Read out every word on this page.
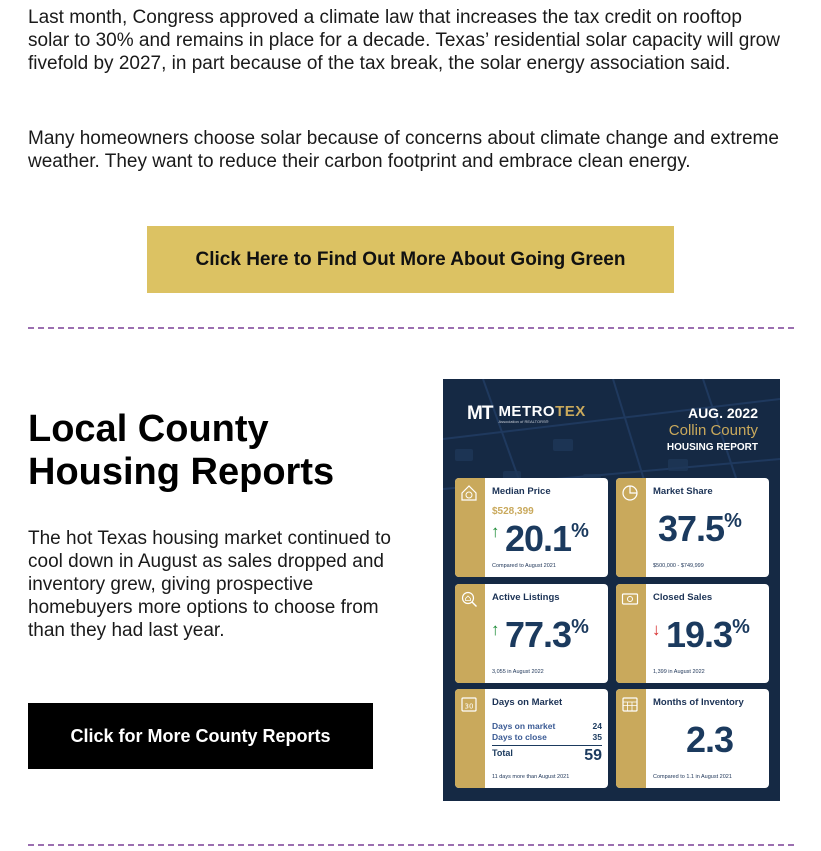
Last month, Congress approved a climate law that increases the tax credit on rooftop solar to 30% and remains in place for a decade. Texas’ residential solar capacity will grow fivefold by 2027, in part because of the tax break, the solar energy association said.

Many homeowners choose solar because of concerns about climate change and extreme weather. They want to reduce their carbon footprint and embrace clean energy.

Click Here to Find Out More About Going Green
Local County Housing Reports

The hot Texas housing market continued to cool down in August as sales dropped and inventory grew, giving prospective homebuyers more options to choose from than they had last year.

Click for More County Reports
MT METROTEX
Association of REALTORS®
AUG. 2022
Collin County
HOUSING REPORT
Median Price
$528,399
↑ 20.1%
Compared to August 2021
Market Share
37.5%
$500,000 - $749,999
Active Listings
↑ 77.3%
3,055 in August 2022
Closed Sales
↓ 19.3%
1,399 in August 2022
30 Days on Market
Days on market	24
Days to close	35
Total	59
11 days more than August 2021
Months of Inventory
2.3
Compared to 1.1 in August 2021
